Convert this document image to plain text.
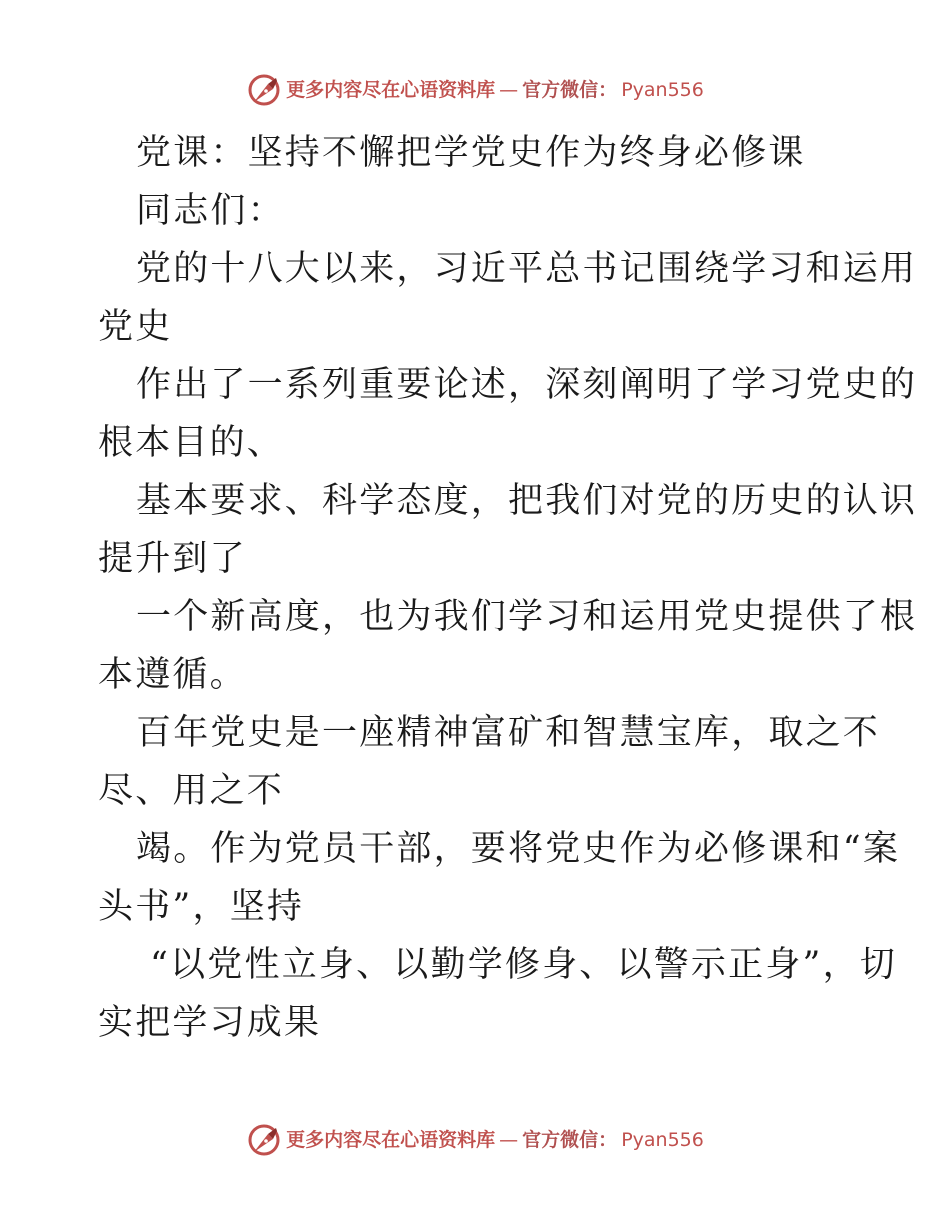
更多内容尽在心语资料库 — 官方微信： Pyan556
党课：坚持不懈把学党史作为终身必修课
同志们：
党的十八大以来，习近平总书记围绕学习和运用
党史
作出了一系列重要论述，深刻阐明了学习党史的
根本目的、
基本要求、科学态度，把我们对党的历史的认识
提升到了
一个新高度，也为我们学习和运用党史提供了根
本遵循。
百年党史是一座精神富矿和智慧宝库，取之不
尽、用之不
竭。作为党员干部，要将党史作为必修课和“案
头书”，坚持
“以党性立身、以勤学修身、以警示正身”，切
实把学习成果
更多内容尽在心语资料库 — 官方微信： Pyan556
